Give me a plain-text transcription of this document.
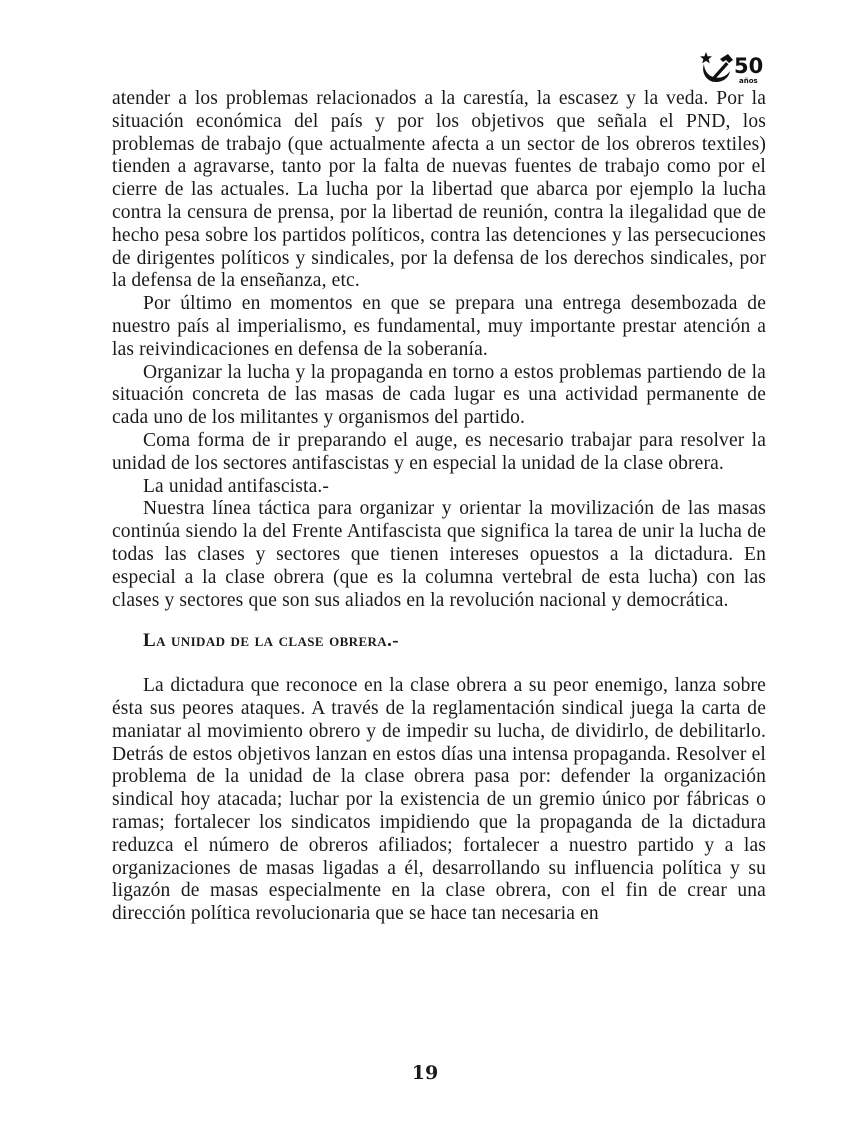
50
años

atender a los problemas relacionados a la carestía, la escasez y la veda. Por la situación económica del país y por los objetivos que señala el PND, los problemas de trabajo (que actualmente afecta a un sector de los obreros textiles) tienden a agravarse, tanto por la falta de nuevas fuentes de trabajo como por el cierre de las actuales. La lucha por la libertad que abarca por ejemplo la lucha contra la censura de prensa, por la libertad de reunión, contra la ilegalidad que de hecho pesa sobre los partidos políticos, contra las detenciones y las persecuciones de dirigentes políticos y sindicales, por la defensa de los derechos sindicales, por la defensa de la enseñanza, etc.

Por último en momentos en que se prepara una entrega desembozada de nuestro país al imperialismo, es fundamental, muy importante prestar atención a las reivindicaciones en defensa de la soberanía.

Organizar la lucha y la propaganda en torno a estos problemas partiendo de la situación concreta de las masas de cada lugar es una actividad permanente de cada uno de los militantes y organismos del partido.

Coma forma de ir preparando el auge, es necesario trabajar para resolver la unidad de los sectores antifascistas y en especial la unidad de la clase obrera.

La unidad antifascista.-

Nuestra línea táctica para organizar y orientar la movilización de las masas continúa siendo la del Frente Antifascista que significa la tarea de unir la lucha de todas las clases y sectores que tienen intereses opuestos a la dictadura. En especial a la clase obrera (que es la columna vertebral de esta lucha) con las clases y sectores que son sus aliados en la revolución nacional y democrática.

La unidad de la clase obrera.-

La dictadura que reconoce en la clase obrera a su peor enemigo, lanza sobre ésta sus peores ataques. A través de la reglamentación sindical juega la carta de maniatar al movimiento obrero y de impedir su lucha, de dividirlo, de debilitarlo. Detrás de estos objetivos lanzan en estos días una intensa propaganda. Resolver el problema de la unidad de la clase obrera pasa por: defender la organización sindical hoy atacada; luchar por la existencia de un gremio único por fábricas o ramas; fortalecer los sindicatos impidiendo que la propaganda de la dictadura reduzca el número de obreros afiliados; fortalecer a nuestro partido y a las organizaciones de masas ligadas a él, desarrollando su influencia política y su ligazón de masas especialmente en la clase obrera, con el fin de crear una dirección política revolucionaria que se hace tan necesaria en

19
